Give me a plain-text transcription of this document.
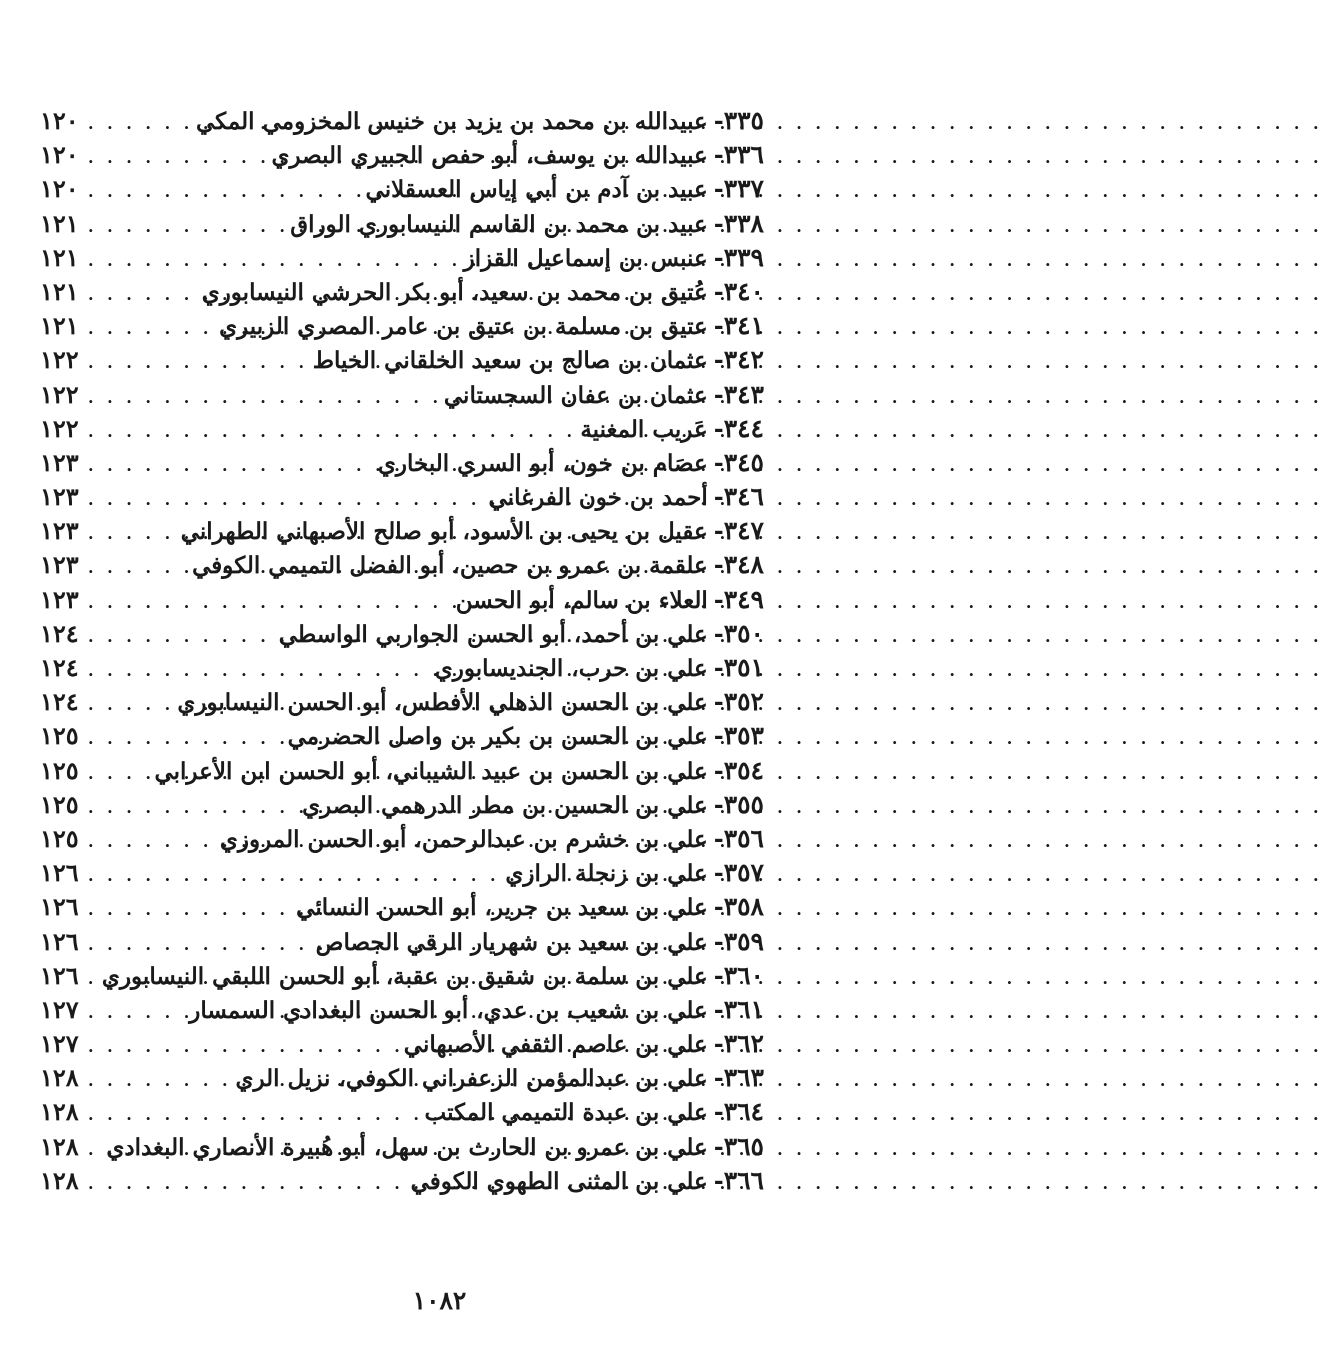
٣٣٥
-
عبيدالله بن محمد بن يزيد بن خنيس المخزومي المكي
. . .
١٢٠
٣٣٦
-
عبيدالله بن يوسف، أبو حفص الجبيري البصري
. . .
١٢٠
٣٣٧
-
عبيد بن آدم بن أبي إياس العسقلاني
. . .
١٢٠
٣٣٨
-
عبيد بن محمد بن القاسم النيسابوري الوراق
. . .
١٢١
٣٣٩
-
عنبس بن إسماعيل القزاز
. . .
١٢١
٣٤٠
-
عُتيق بن محمد بن سعيد، أبو بكر الحرشي النيسابوري
. . .
١٢١
٣٤١
-
عتيق بن مسلمة بن عتيق بن عامر المصري الزبيري
. . .
١٢١
٣٤٢
-
عثمان بن صالح بن سعيد الخلقاني الخياط
. . .
١٢٢
٣٤٣
-
عثمان بن عفان السجستاني
. . .
١٢٢
٣٤٤
-
عَريب المغنية
. . .
١٢٢
٣٤٥
-
عصَام بن خون، أبو السري البخاري
. . .
١٢٣
٣٤٦
-
أحمد بن خون الفرغاني
. . .
١٢٣
٣٤٧
-
عقيل بن يحيى بن الأسود، أبو صالح الأصبهاني الطهراني
. . .
١٢٣
٣٤٨
-
علقمة بن عمرو بن حصين، أبو الفضل التميمي الكوفي
. . .
١٢٣
٣٤٩
-
العلاء بن سالم، أبو الحسن
. . .
١٢٣
٣٥٠
-
علي بن أحمد، أبو الحسن الجواربي الواسطي
. . .
١٢٤
٣٥١
-
علي بن حرب، الجنديسابوري
. . .
١٢٤
٣٥٢
-
علي بن الحسن الذهلي الأفطس، أبو الحسن النيسابوري
. . .
١٢٤
٣٥٣
-
علي بن الحسن بن بكير بن واصل الحضرمي
. . .
١٢٥
٣٥٤
-
علي بن الحسن بن عبيد الشيباني، أبو الحسن ابن الأعرابي
. . .
١٢٥
٣٥٥
-
علي بن الحسين بن مطر الدرهمي البصري
. . .
١٢٥
٣٥٦
-
علي بن خشرم بن عبدالرحمن، أبو الحسن المروزي
. . .
١٢٥
٣٥٧
-
علي بن زنجلة الرازي
. . .
١٢٦
٣٥٨
-
علي بن سعيد بن جرير، أبو الحسن النسائي
. . .
١٢٦
٣٥٩
-
علي بن سعيد بن شهريار الرقي الجصاص
. . .
١٢٦
٣٦٠
-
علي بن سلمة بن شقيق بن عقبة، أبو الحسن اللبقي النيسابوري
. . .
١٢٦
٣٦١
-
علي بن شعيب بن عدي، أبو الحسن البغدادي السمسار
. . .
١٢٧
٣٦٢
-
علي بن عاصم الثقفي الأصبهاني
. . .
١٢٧
٣٦٣
-
علي بن عبدالمؤمن الزعفراني الكوفي، نزيل الري
. . .
١٢٨
٣٦٤
-
علي بن عبدة التميمي المكتب
. . .
١٢٨
٣٦٥
-
علي بن عمرو بن الحارث بن سهل، أبو هُبيرة الأنصاري البغدادي
. . .
١٢٨
٣٦٦
-
علي بن المثنى الطهوي الكوفي
. . .
١٢٨
١٠٨٢
